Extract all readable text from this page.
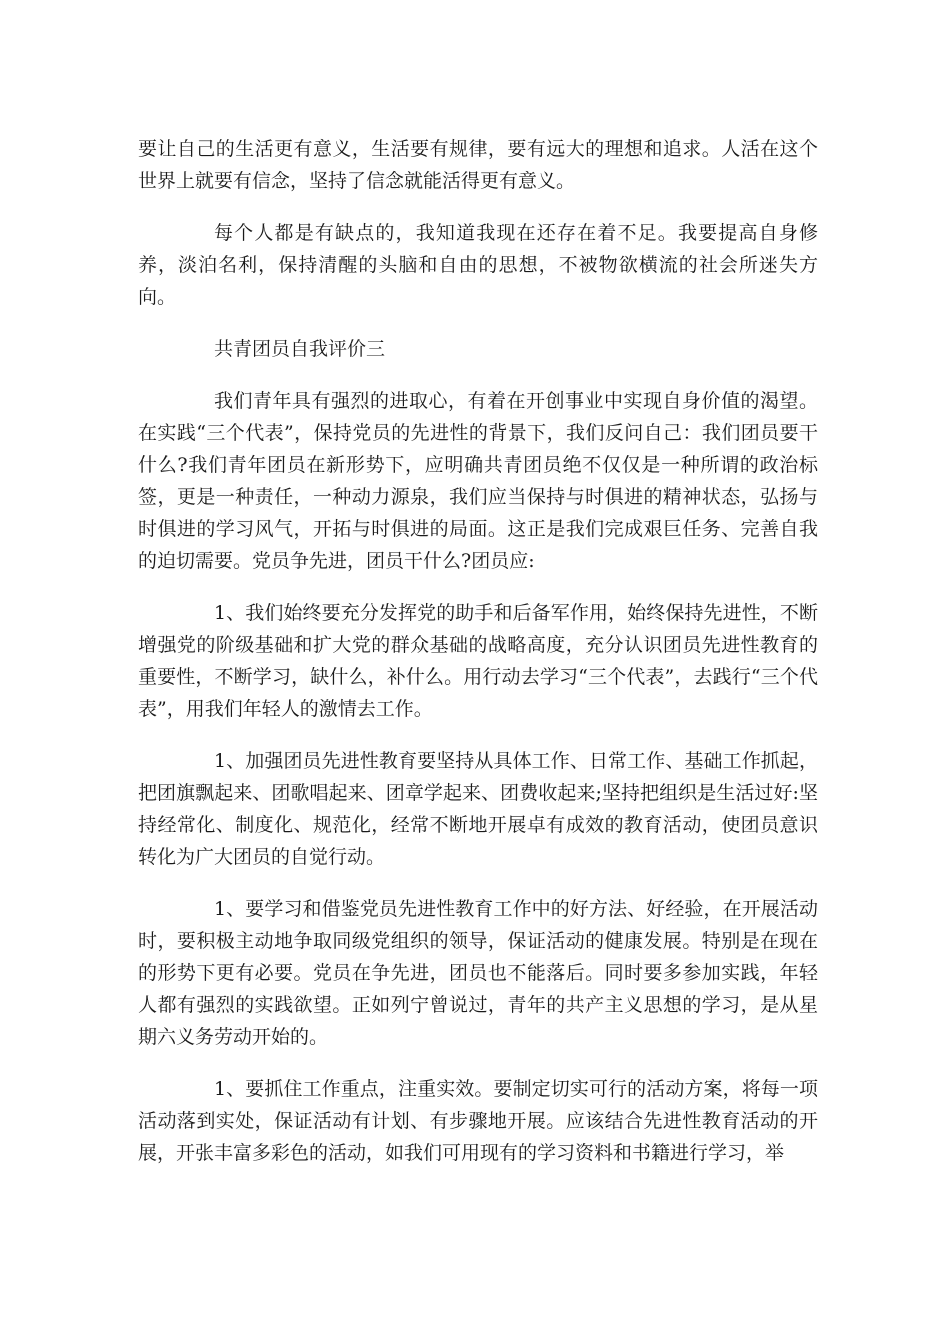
要让自己的生活更有意义，生活要有规律，要有远大的理想和追求。人活在这个世界上就要有信念，坚持了信念就能活得更有意义。

每个人都是有缺点的，我知道我现在还存在着不足。我要提高自身修养，淡泊名利，保持清醒的头脑和自由的思想，不被物欲横流的社会所迷失方向。

共青团员自我评价三

我们青年具有强烈的进取心，有着在开创事业中实现自身价值的渴望。在实践“三个代表”，保持党员的先进性的背景下，我们反问自己：我们团员要干什么?我们青年团员在新形势下，应明确共青团员绝不仅仅是一种所谓的政治标签，更是一种责任，一种动力源泉，我们应当保持与时俱进的精神状态，弘扬与时俱进的学习风气，开拓与时俱进的局面。这正是我们完成艰巨任务、完善自我的迫切需要。党员争先进，团员干什么?团员应:

1、我们始终要充分发挥党的助手和后备军作用，始终保持先进性，不断增强党的阶级基础和扩大党的群众基础的战略高度，充分认识团员先进性教育的重要性，不断学习，缺什么，补什么。用行动去学习“三个代表”，去践行“三个代表”，用我们年轻人的激情去工作。

1、加强团员先进性教育要坚持从具体工作、日常工作、基础工作抓起，把团旗飘起来、团歌唱起来、团章学起来、团费收起来;坚持把组织是生活过好:坚持经常化、制度化、规范化，经常不断地开展卓有成效的教育活动，使团员意识转化为广大团员的自觉行动。

1、要学习和借鉴党员先进性教育工作中的好方法、好经验，在开展活动时，要积极主动地争取同级党组织的领导，保证活动的健康发展。特别是在现在的形势下更有必要。党员在争先进，团员也不能落后。同时要多参加实践，年轻人都有强烈的实践欲望。正如列宁曾说过，青年的共产主义思想的学习，是从星期六义务劳动开始的。

1、要抓住工作重点，注重实效。要制定切实可行的活动方案，将每一项活动落到实处，保证活动有计划、有步骤地开展。应该结合先进性教育活动的开展，开张丰富多彩色的活动，如我们可用现有的学习资料和书籍进行学习，举
